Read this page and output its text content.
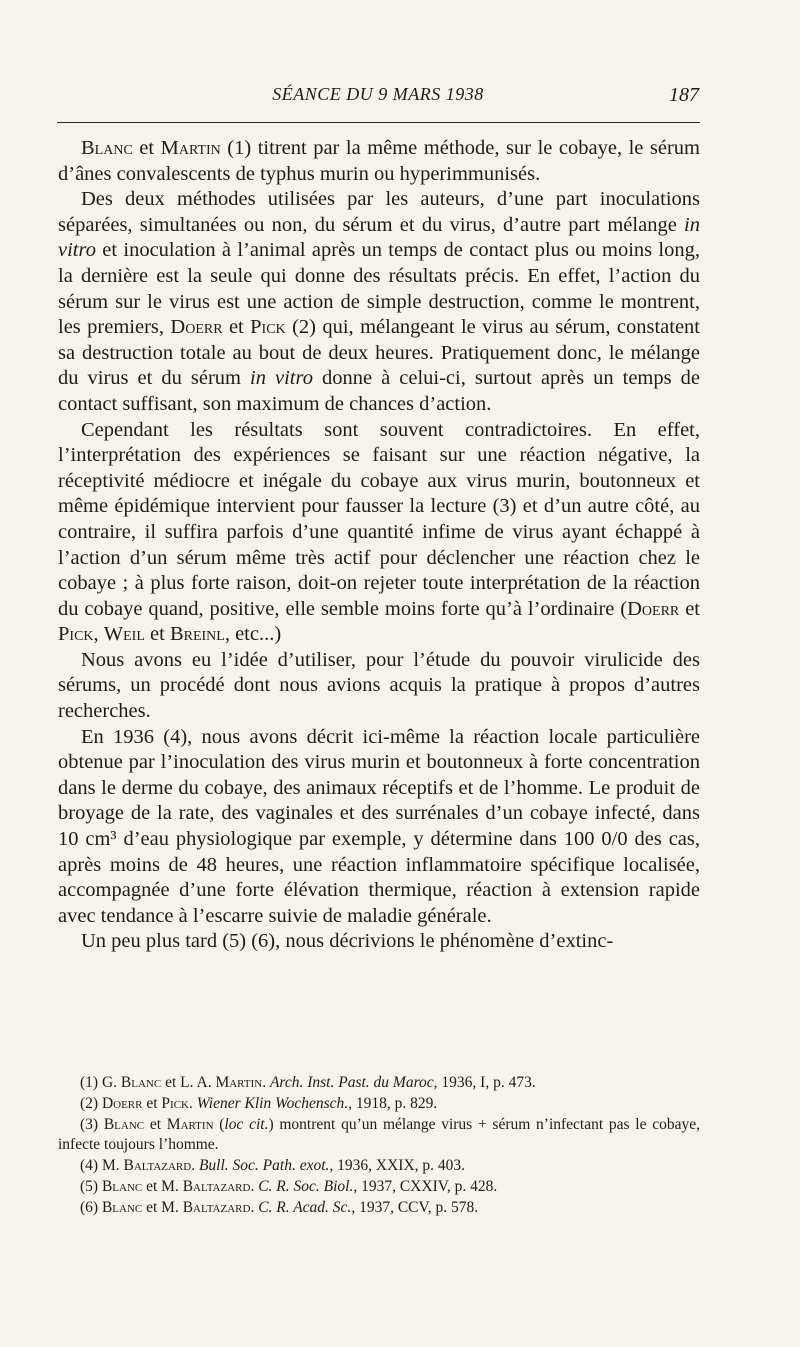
SÉANCE DU 9 MARS 1938	187

Blanc et Martin (1) titrent par la même méthode, sur le cobaye, le sérum d’ânes convalescents de typhus murin ou hyperimmunisés.

Des deux méthodes utilisées par les auteurs, d’une part inoculations séparées, simultanées ou non, du sérum et du virus, d’autre part mélange in vitro et inoculation à l’animal après un temps de contact plus ou moins long, la dernière est la seule qui donne des résultats précis. En effet, l’action du sérum sur le virus est une action de simple destruction, comme le montrent, les premiers, Doerr et Pick (2) qui, mélangeant le virus au sérum, constatent sa destruction totale au bout de deux heures. Pratiquement donc, le mélange du virus et du sérum in vitro donne à celui-ci, surtout après un temps de contact suffisant, son maximum de chances d’action.

Cependant les résultats sont souvent contradictoires. En effet, l’interprétation des expériences se faisant sur une réaction négative, la réceptivité médiocre et inégale du cobaye aux virus murin, boutonneux et même épidémique intervient pour fausser la lecture (3) et d’un autre côté, au contraire, il suffira parfois d’une quantité infime de virus ayant échappé à l’action d’un sérum même très actif pour déclencher une réaction chez le cobaye ; à plus forte raison, doit-on rejeter toute interprétation de la réaction du cobaye quand, positive, elle semble moins forte qu’à l’ordinaire (Doerr et Pick, Weil et Breinl, etc...)

Nous avons eu l’idée d’utiliser, pour l’étude du pouvoir virulicide des sérums, un procédé dont nous avions acquis la pratique à propos d’autres recherches.

En 1936 (4), nous avons décrit ici-même la réaction locale particulière obtenue par l’inoculation des virus murin et boutonneux à forte concentration dans le derme du cobaye, des animaux réceptifs et de l’homme. Le produit de broyage de la rate, des vaginales et des surrénales d’un cobaye infecté, dans 10 cm³ d’eau physiologique par exemple, y détermine dans 100 0/0 des cas, après moins de 48 heures, une réaction inflammatoire spécifique localisée, accompagnée d’une forte élévation thermique, réaction à extension rapide avec tendance à l’escarre suivie de maladie générale.

Un peu plus tard (5) (6), nous décrivions le phénomène d’extinc-

(1) G. Blanc et L. A. Martin. Arch. Inst. Past. du Maroc, 1936, I, p. 473.

(2) Doerr et Pick. Wiener Klin Wochensch., 1918, p. 829.

(3) Blanc et Martin (loc cit.) montrent qu’un mélange virus + sérum n’infectant pas le cobaye, infecte toujours l’homme.

(4) M. Baltazard. Bull. Soc. Path. exot., 1936, XXIX, p. 403.

(5) Blanc et M. Baltazard. C. R. Soc. Biol., 1937, CXXIV, p. 428.

(6) Blanc et M. Baltazard. C. R. Acad. Sc., 1937, CCV, p. 578.
